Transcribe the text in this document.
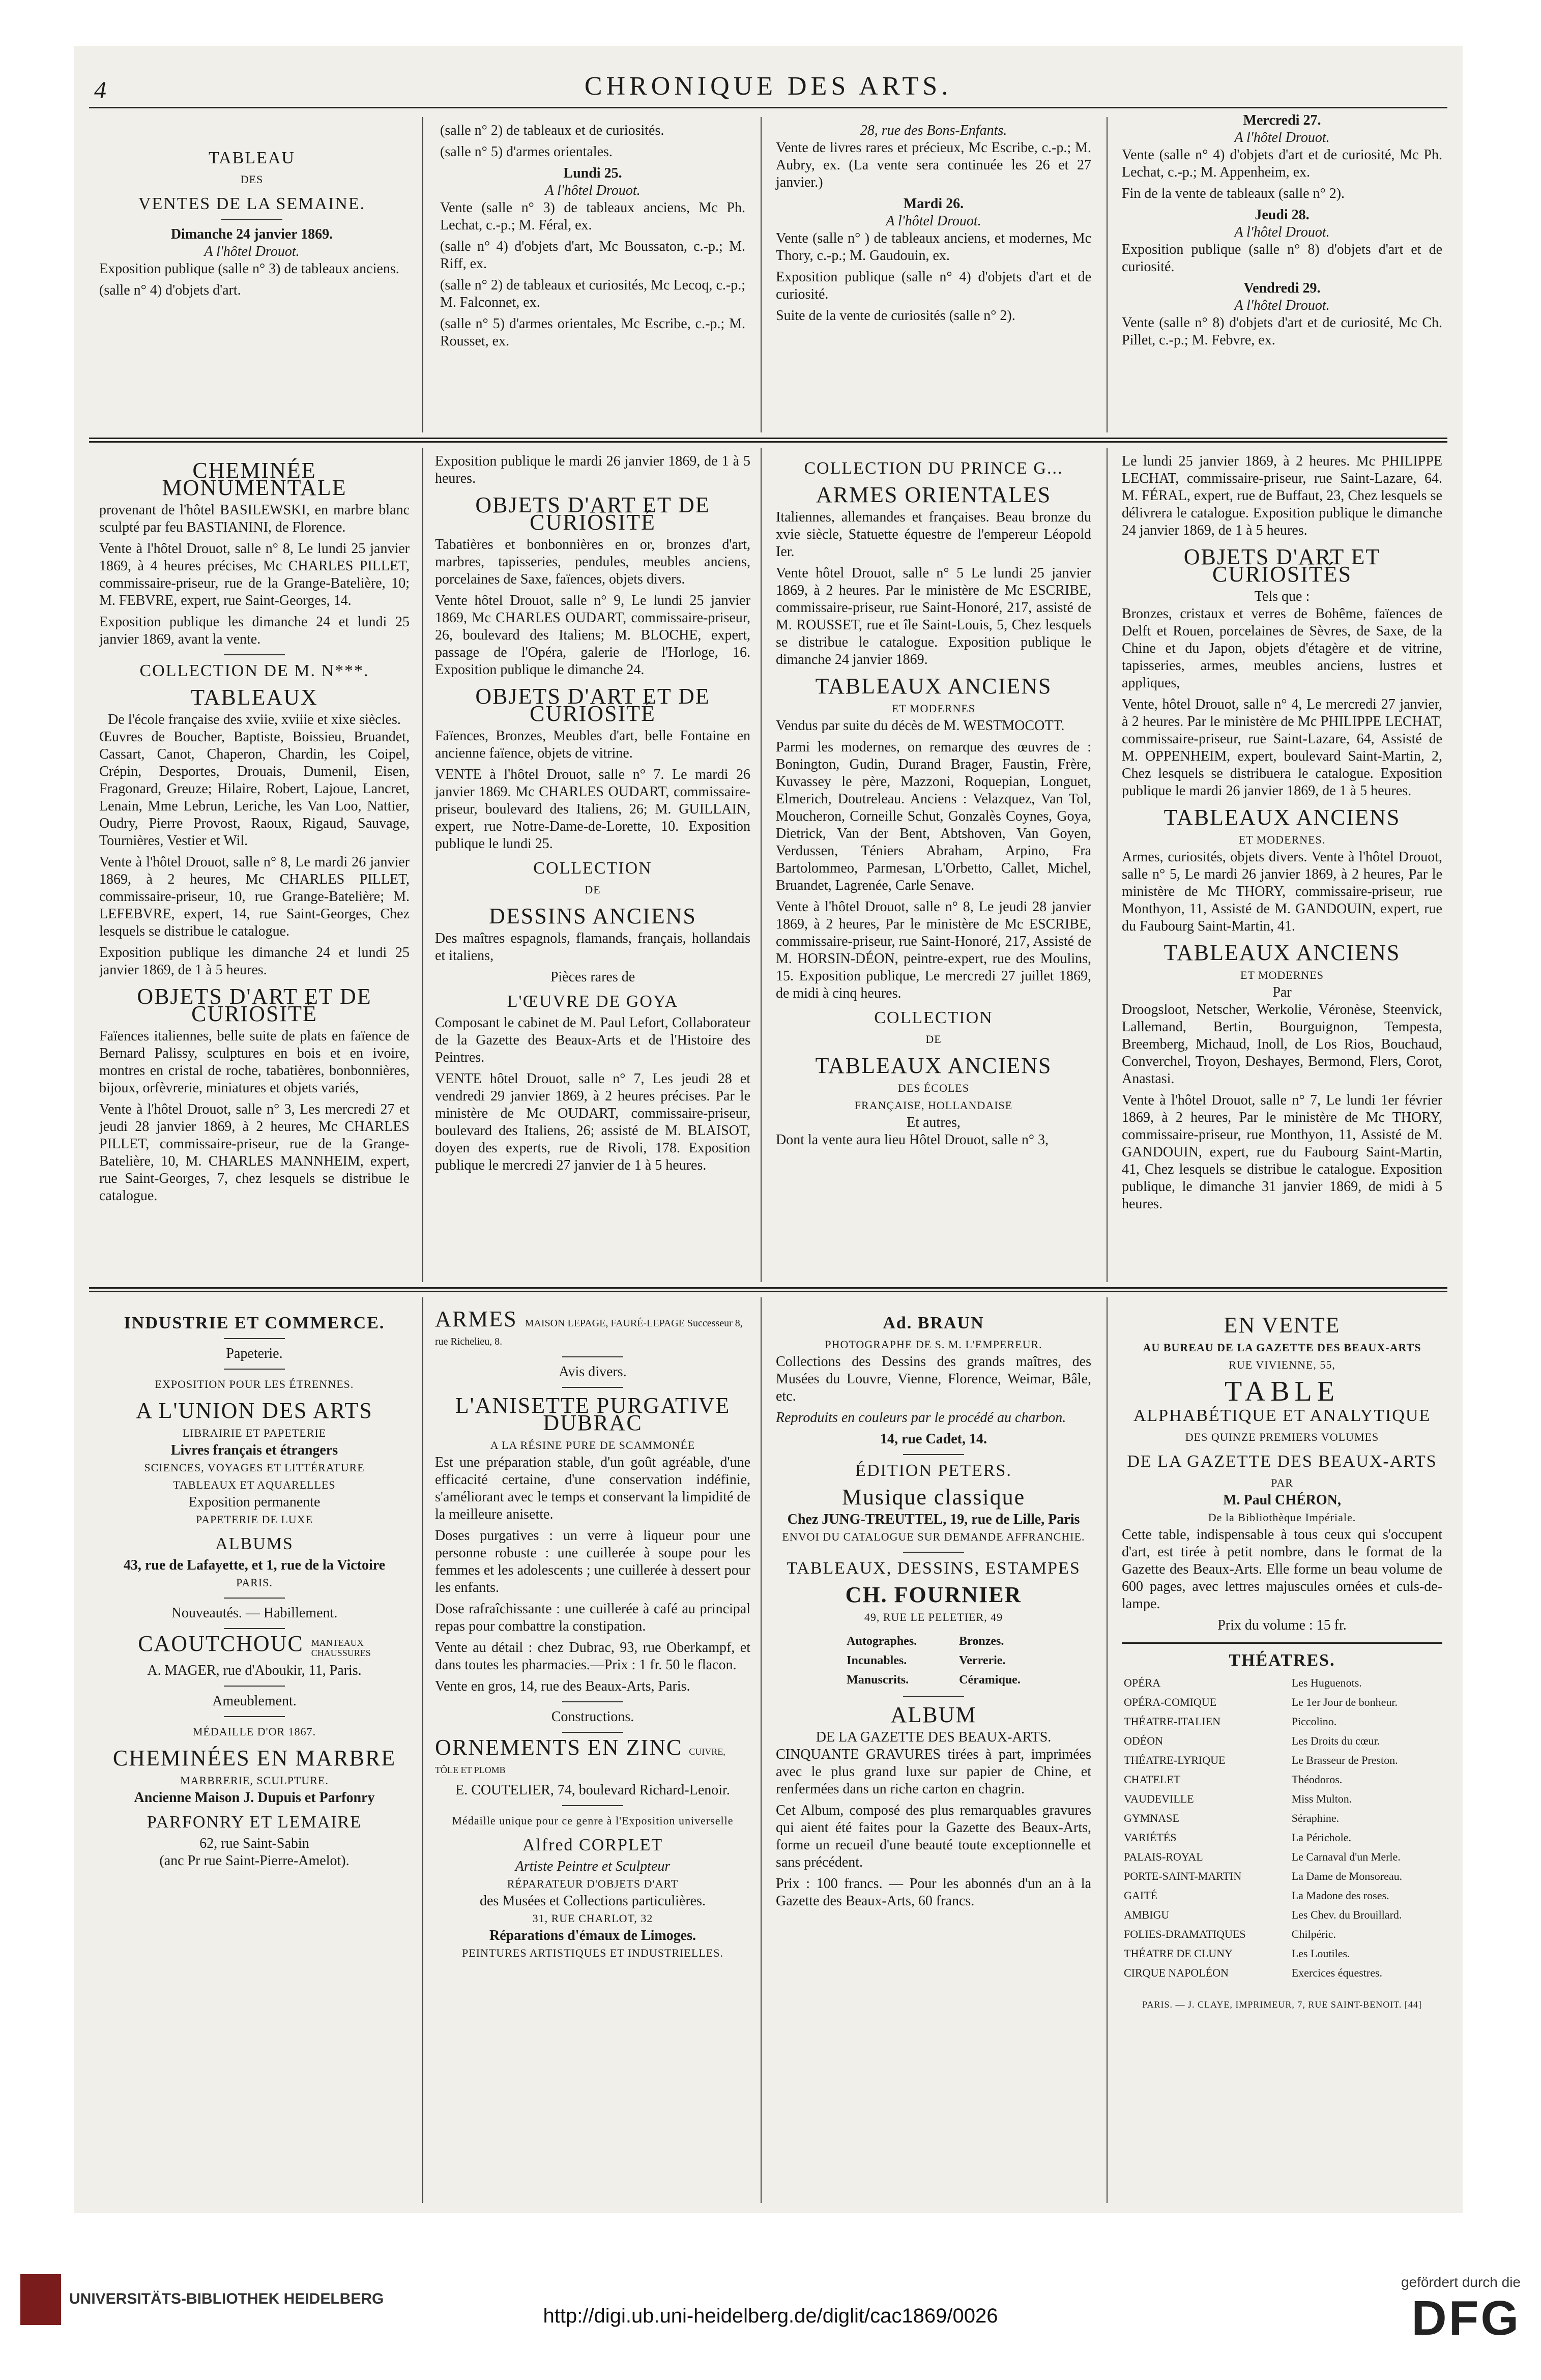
4	CHRONIQUE DES ARTS.
TABLEAU
DES
VENTES DE LA SEMAINE.
Dimanche 24 janvier 1869.
A l'hôtel Drouot.

Exposition publique (salle n° 3) de tableaux anciens.

(salle n° 4) d'objets d'art.

(salle n° 2) de tableaux et de curiosités.

(salle n° 5) d'armes orientales.

Lundi 25.
A l'hôtel Drouot.

Vente (salle n° 3) de tableaux anciens, Mc Ph. Lechat, c.-p.; M. Féral, ex.

(salle n° 4) d'objets d'art, Mc Boussaton, c.-p.; M. Riff, ex.

(salle n° 2) de tableaux et curiosités, Mc Lecoq, c.-p.; M. Falconnet, ex.

(salle n° 5) d'armes orientales, Mc Escribe, c.-p.; M. Rousset, ex.

28, rue des Bons-Enfants.

Vente de livres rares et précieux, Mc Escribe, c.-p.; M. Aubry, ex. (La vente sera continuée les 26 et 27 janvier.)

Mardi 26.
A l'hôtel Drouot.

Vente (salle n° ) de tableaux anciens, et modernes, Mc Thory, c.-p.; M. Gaudouin, ex.

Exposition publique (salle n° 4) d'objets d'art et de curiosité.

Suite de la vente de curiosités (salle n° 2).

Mercredi 27.
A l'hôtel Drouot.

Vente (salle n° 4) d'objets d'art et de curiosité, Mc Ph. Lechat, c.-p.; M. Appenheim, ex.

Fin de la vente de tableaux (salle n° 2).

Jeudi 28.
A l'hôtel Drouot.

Exposition publique (salle n° 8) d'objets d'art et de curiosité.

Vendredi 29.
A l'hôtel Drouot.

Vente (salle n° 8) d'objets d'art et de curiosité, Mc Ch. Pillet, c.-p.; M. Febvre, ex.

CHEMINÉE MONUMENTALE

provenant de l'hôtel BASILEWSKI, en marbre blanc sculpté par feu BASTIANINI, de Florence.

Vente à l'hôtel Drouot, salle n° 8, Le lundi 25 janvier 1869, à 4 heures précises, Mc CHARLES PILLET, commissaire-priseur, rue de la Grange-Batelière, 10; M. FEBVRE, expert, rue Saint-Georges, 14.

Exposition publique les dimanche 24 et lundi 25 janvier 1869, avant la vente.

COLLECTION DE M. N***.
TABLEAUX
De l'école française des xviie, xviiie et xixe siècles.

Œuvres de Boucher, Baptiste, Boissieu, Bruandet, Cassart, Canot, Chaperon, Chardin, les Coipel, Crépin, Desportes, Drouais, Dumenil, Eisen, Fragonard, Greuze; Hilaire, Robert, Lajoue, Lancret, Lenain, Mme Lebrun, Leriche, les Van Loo, Nattier, Oudry, Pierre Provost, Raoux, Rigaud, Sauvage, Tournières, Vestier et Wil.

Vente à l'hôtel Drouot, salle n° 8, Le mardi 26 janvier 1869, à 2 heures, Mc CHARLES PILLET, commissaire-priseur, 10, rue Grange-Batelière; M. LEFEBVRE, expert, 14, rue Saint-Georges, Chez lesquels se distribue le catalogue.

Exposition publique les dimanche 24 et lundi 25 janvier 1869, de 1 à 5 heures.

OBJETS D'ART ET DE CURIOSITÉ

Faïences italiennes, belle suite de plats en faïence de Bernard Palissy, sculptures en bois et en ivoire, montres en cristal de roche, tabatières, bonbonnières, bijoux, orfèvrerie, miniatures et objets variés,

Vente à l'hôtel Drouot, salle n° 3, Les mercredi 27 et jeudi 28 janvier 1869, à 2 heures, Mc CHARLES PILLET, commissaire-priseur, rue de la Grange-Batelière, 10, M. CHARLES MANNHEIM, expert, rue Saint-Georges, 7, chez lesquels se distribue le catalogue.

Exposition publique le mardi 26 janvier 1869, de 1 à 5 heures.

OBJETS D'ART ET DE CURIOSITÉ

Tabatières et bonbonnières en or, bronzes d'art, marbres, tapisseries, pendules, meubles anciens, porcelaines de Saxe, faïences, objets divers.

Vente hôtel Drouot, salle n° 9, Le lundi 25 janvier 1869, Mc CHARLES OUDART, commissaire-priseur, 26, boulevard des Italiens; M. BLOCHE, expert, passage de l'Opéra, galerie de l'Horloge, 16. Exposition publique le dimanche 24.

OBJETS D'ART ET DE CURIOSITÉ

Faïences, Bronzes, Meubles d'art, belle Fontaine en ancienne faïence, objets de vitrine.

VENTE à l'hôtel Drouot, salle n° 7. Le mardi 26 janvier 1869. Mc CHARLES OUDART, commissaire-priseur, boulevard des Italiens, 26; M. GUILLAIN, expert, rue Notre-Dame-de-Lorette, 10. Exposition publique le lundi 25.

COLLECTION
DE
DESSINS ANCIENS

Des maîtres espagnols, flamands, français, hollandais et italiens,

Pièces rares de
L'ŒUVRE DE GOYA

Composant le cabinet de M. Paul Lefort, Collaborateur de la Gazette des Beaux-Arts et de l'Histoire des Peintres.

VENTE hôtel Drouot, salle n° 7, Les jeudi 28 et vendredi 29 janvier 1869, à 2 heures précises. Par le ministère de Mc OUDART, commissaire-priseur, boulevard des Italiens, 26; assisté de M. BLAISOT, doyen des experts, rue de Rivoli, 178. Exposition publique le mercredi 27 janvier de 1 à 5 heures.

COLLECTION DU PRINCE G...
ARMES ORIENTALES

Italiennes, allemandes et françaises. Beau bronze du xvie siècle, Statuette équestre de l'empereur Léopold Ier.

Vente hôtel Drouot, salle n° 5 Le lundi 25 janvier 1869, à 2 heures. Par le ministère de Mc ESCRIBE, commissaire-priseur, rue Saint-Honoré, 217, assisté de M. ROUSSET, rue et île Saint-Louis, 5, Chez lesquels se distribue le catalogue. Exposition publique le dimanche 24 janvier 1869.

TABLEAUX ANCIENS
ET MODERNES

Vendus par suite du décès de M. WESTMOCOTT.

Parmi les modernes, on remarque des œuvres de : Bonington, Gudin, Durand Brager, Faustin, Frère, Kuvassey le père, Mazzoni, Roquepian, Longuet, Elmerich, Doutreleau. Anciens : Velazquez, Van Tol, Moucheron, Corneille Schut, Gonzalès Coynes, Goya, Dietrick, Van der Bent, Abtshoven, Van Goyen, Verdussen, Téniers Abraham, Arpino, Fra Bartolommeo, Parmesan, L'Orbetto, Callet, Michel, Bruandet, Lagrenée, Carle Senave.

Vente à l'hôtel Drouot, salle n° 8, Le jeudi 28 janvier 1869, à 2 heures, Par le ministère de Mc ESCRIBE, commissaire-priseur, rue Saint-Honoré, 217, Assisté de M. HORSIN-DÉON, peintre-expert, rue des Moulins, 15. Exposition publique, Le mercredi 27 juillet 1869, de midi à cinq heures.

COLLECTION
DE
TABLEAUX ANCIENS
DES ÉCOLES
FRANÇAISE, HOLLANDAISE
Et autres,

Dont la vente aura lieu Hôtel Drouot, salle n° 3,

Le lundi 25 janvier 1869, à 2 heures. Mc PHILIPPE LECHAT, commissaire-priseur, rue Saint-Lazare, 64. M. FÉRAL, expert, rue de Buffaut, 23, Chez lesquels se délivrera le catalogue. Exposition publique le dimanche 24 janvier 1869, de 1 à 5 heures.

OBJETS D'ART ET CURIOSITÉS
Tels que :

Bronzes, cristaux et verres de Bohême, faïences de Delft et Rouen, porcelaines de Sèvres, de Saxe, de la Chine et du Japon, objets d'étagère et de vitrine, tapisseries, armes, meubles anciens, lustres et appliques,

Vente, hôtel Drouot, salle n° 4, Le mercredi 27 janvier, à 2 heures. Par le ministère de Mc PHILIPPE LECHAT, commissaire-priseur, rue Saint-Lazare, 64, Assisté de M. OPPENHEIM, expert, boulevard Saint-Martin, 2, Chez lesquels se distribuera le catalogue. Exposition publique le mardi 26 janvier 1869, de 1 à 5 heures.

TABLEAUX ANCIENS
ET MODERNES.

Armes, curiosités, objets divers. Vente à l'hôtel Drouot, salle n° 5, Le mardi 26 janvier 1869, à 2 heures, Par le ministère de Mc THORY, commissaire-priseur, rue Monthyon, 11, Assisté de M. GANDOUIN, expert, rue du Faubourg Saint-Martin, 41.

TABLEAUX ANCIENS
ET MODERNES
Par

Droogsloot, Netscher, Werkolie, Véronèse, Steenvick, Lallemand, Bertin, Bourguignon, Tempesta, Breemberg, Michaud, Inoll, de Los Rios, Bouchaud, Converchel, Troyon, Deshayes, Bermond, Flers, Corot, Anastasi.

Vente à l'hôtel Drouot, salle n° 7, Le lundi 1er février 1869, à 2 heures, Par le ministère de Mc THORY, commissaire-priseur, rue Monthyon, 11, Assisté de M. GANDOUIN, expert, rue du Faubourg Saint-Martin, 41, Chez lesquels se distribue le catalogue. Exposition publique, le dimanche 31 janvier 1869, de midi à 5 heures.

INDUSTRIE ET COMMERCE.
Papeterie.
EXPOSITION POUR LES ÉTRENNES.
A L'UNION DES ARTS
LIBRAIRIE ET PAPETERIE
Livres français et étrangers
SCIENCES, VOYAGES ET LITTÉRATURE
TABLEAUX ET AQUARELLES
Exposition permanente
PAPETERIE DE LUXE
ALBUMS
43, rue de Lafayette, et 1, rue de la Victoire
PARIS.
Nouveautés. — Habillement.
CAOUTCHOUC MANTEAUX
CHAUSSURES
A. MAGER, rue d'Aboukir, 11, Paris.
Ameublement.
MÉDAILLE D'OR 1867.
CHEMINÉES EN MARBRE
MARBRERIE, SCULPTURE.
Ancienne Maison J. Dupuis et Parfonry
PARFONRY ET LEMAIRE
62, rue Saint-Sabin
(anc Pr rue Saint-Pierre-Amelot).
ARMES MAISON LEPAGE, FAURÉ-LEPAGE Successeur 8, rue Richelieu, 8.
Avis divers.
L'ANISETTE PURGATIVE DUBRAC
A LA RÉSINE PURE DE SCAMMONÉE

Est une préparation stable, d'un goût agréable, d'une efficacité certaine, d'une conservation indéfinie, s'améliorant avec le temps et conservant la limpidité de la meilleure anisette.

Doses purgatives : un verre à liqueur pour une personne robuste : une cuillerée à soupe pour les femmes et les adolescents ; une cuillerée à dessert pour les enfants.

Dose rafraîchissante : une cuillerée à café au principal repas pour combattre la constipation.

Vente au détail : chez Dubrac, 93, rue Oberkampf, et dans toutes les pharmacies.—Prix : 1 fr. 50 le flacon.

Vente en gros, 14, rue des Beaux-Arts, Paris.

Constructions.
ORNEMENTS EN ZINC CUIVRE, TÔLE ET PLOMB
E. COUTELIER, 74, boulevard Richard-Lenoir.
Médaille unique pour ce genre à l'Exposition universelle
Alfred CORPLET
Artiste Peintre et Sculpteur
RÉPARATEUR D'OBJETS D'ART
des Musées et Collections particulières.
31, RUE CHARLOT, 32
Réparations d'émaux de Limoges.
PEINTURES ARTISTIQUES ET INDUSTRIELLES.
Ad. BRAUN
PHOTOGRAPHE DE S. M. L'EMPEREUR.

Collections des Dessins des grands maîtres, des Musées du Louvre, Vienne, Florence, Weimar, Bâle, etc.

Reproduits en couleurs par le procédé au charbon.

14, rue Cadet, 14.
ÉDITION PETERS.
Musique classique
Chez JUNG-TREUTTEL, 19, rue de Lille, Paris
ENVOI DU CATALOGUE SUR DEMANDE AFFRANCHIE.
TABLEAUX, DESSINS, ESTAMPES
CH. FOURNIER
49, RUE LE PELETIER, 49
Autographes.	Bronzes.
Incunables.	Verrerie.
Manuscrits.	Céramique.
ALBUM
DE LA GAZETTE DES BEAUX-ARTS.

CINQUANTE GRAVURES tirées à part, imprimées avec le plus grand luxe sur papier de Chine, et renfermées dans un riche carton en chagrin.

Cet Album, composé des plus remarquables gravures qui aient été faites pour la Gazette des Beaux-Arts, forme un recueil d'une beauté toute exceptionnelle et sans précédent.

Prix : 100 francs. — Pour les abonnés d'un an à la Gazette des Beaux-Arts, 60 francs.

EN VENTE
AU BUREAU DE LA GAZETTE DES BEAUX-ARTS
RUE VIVIENNE, 55,
TABLE
ALPHABÉTIQUE ET ANALYTIQUE
DES QUINZE PREMIERS VOLUMES
DE LA GAZETTE DES BEAUX-ARTS
PAR
M. Paul CHÉRON,
De la Bibliothèque Impériale.

Cette table, indispensable à tous ceux qui s'occupent d'art, est tirée à petit nombre, dans le format de la Gazette des Beaux-Arts. Elle forme un beau volume de 600 pages, avec lettres majuscules ornées et culs-de-lampe.

Prix du volume : 15 fr.
THÉATRES.
OPÉRA	Les Huguenots.
OPÉRA-COMIQUE	Le 1er Jour de bonheur.
THÉATRE-ITALIEN	Piccolino.
ODÉON	Les Droits du cœur.
THÉATRE-LYRIQUE	Le Brasseur de Preston.
CHATELET	Théodoros.
VAUDEVILLE	Miss Multon.
GYMNASE	Séraphine.
VARIÉTÉS	La Périchole.
PALAIS-ROYAL	Le Carnaval d'un Merle.
PORTE-SAINT-MARTIN	La Dame de Monsoreau.
GAITÉ	La Madone des roses.
AMBIGU	Les Chev. du Brouillard.
FOLIES-DRAMATIQUES	Chilpéric.
THÉATRE DE CLUNY	Les Loutiles.
CIRQUE NAPOLÉON	Exercices équestres.
PARIS. — J. CLAYE, IMPRIMEUR, 7, RUE SAINT-BENOIT. [44]
UNIVERSITÄTS-BIBLIOTHEK HEIDELBERG
http://digi.ub.uni-heidelberg.de/diglit/cac1869/0026
gefördert durch die
DFG
